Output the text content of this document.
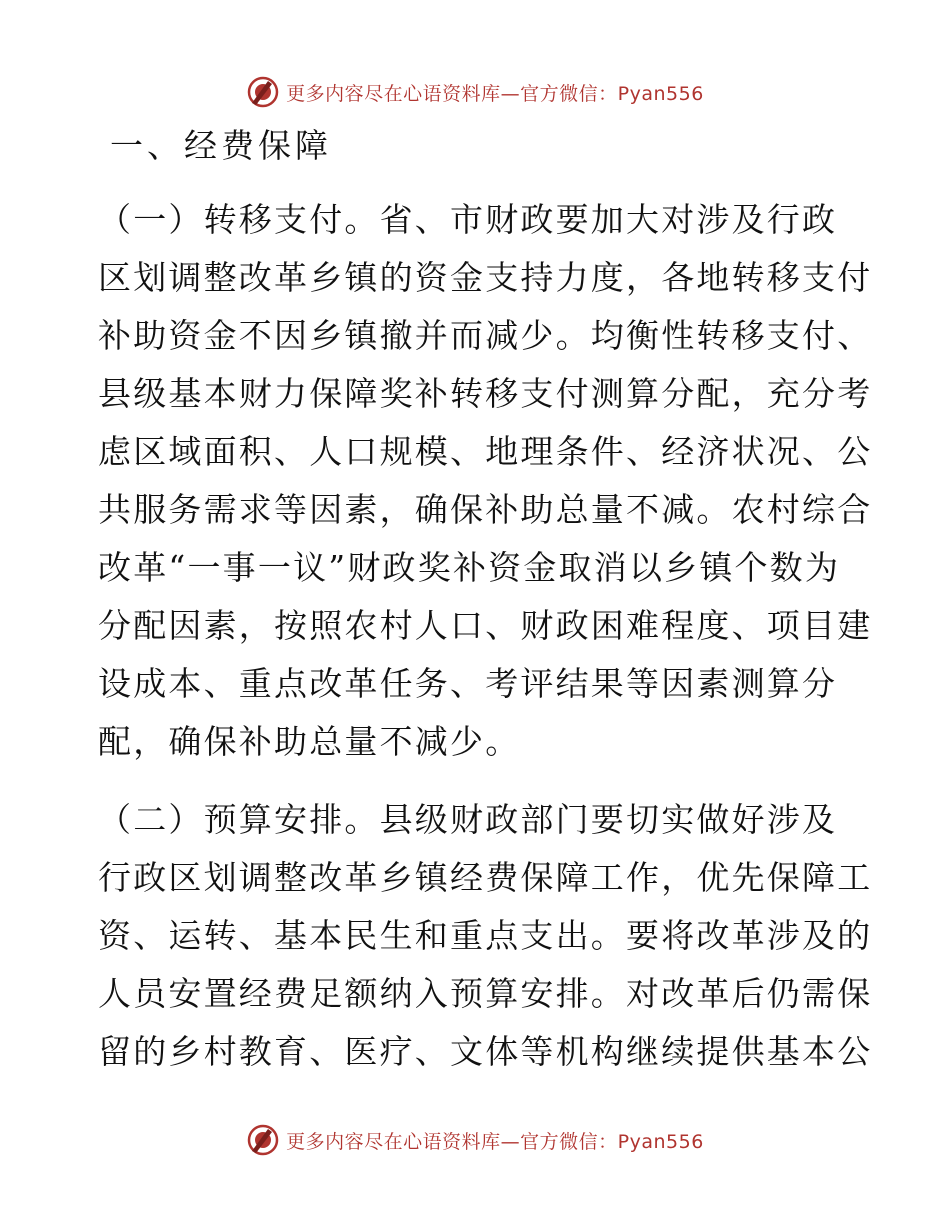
更多内容尽在心语资料库—官方微信：Pyan556
一、经费保障

（一）转移支付。省、市财政要加大对涉及行政

区划调整改革乡镇的资金支持力度，各地转移支付

补助资金不因乡镇撤并而减少。均衡性转移支付、

县级基本财力保障奖补转移支付测算分配，充分考

虑区域面积、人口规模、地理条件、经济状况、公

共服务需求等因素，确保补助总量不减。农村综合

改革“一事一议”财政奖补资金取消以乡镇个数为

分配因素，按照农村人口、财政困难程度、项目建

设成本、重点改革任务、考评结果等因素测算分

配，确保补助总量不减少。

（二）预算安排。县级财政部门要切实做好涉及

行政区划调整改革乡镇经费保障工作，优先保障工

资、运转、基本民生和重点支出。要将改革涉及的

人员安置经费足额纳入预算安排。对改革后仍需保

留的乡村教育、医疗、文体等机构继续提供基本公

更多内容尽在心语资料库—官方微信：Pyan556
